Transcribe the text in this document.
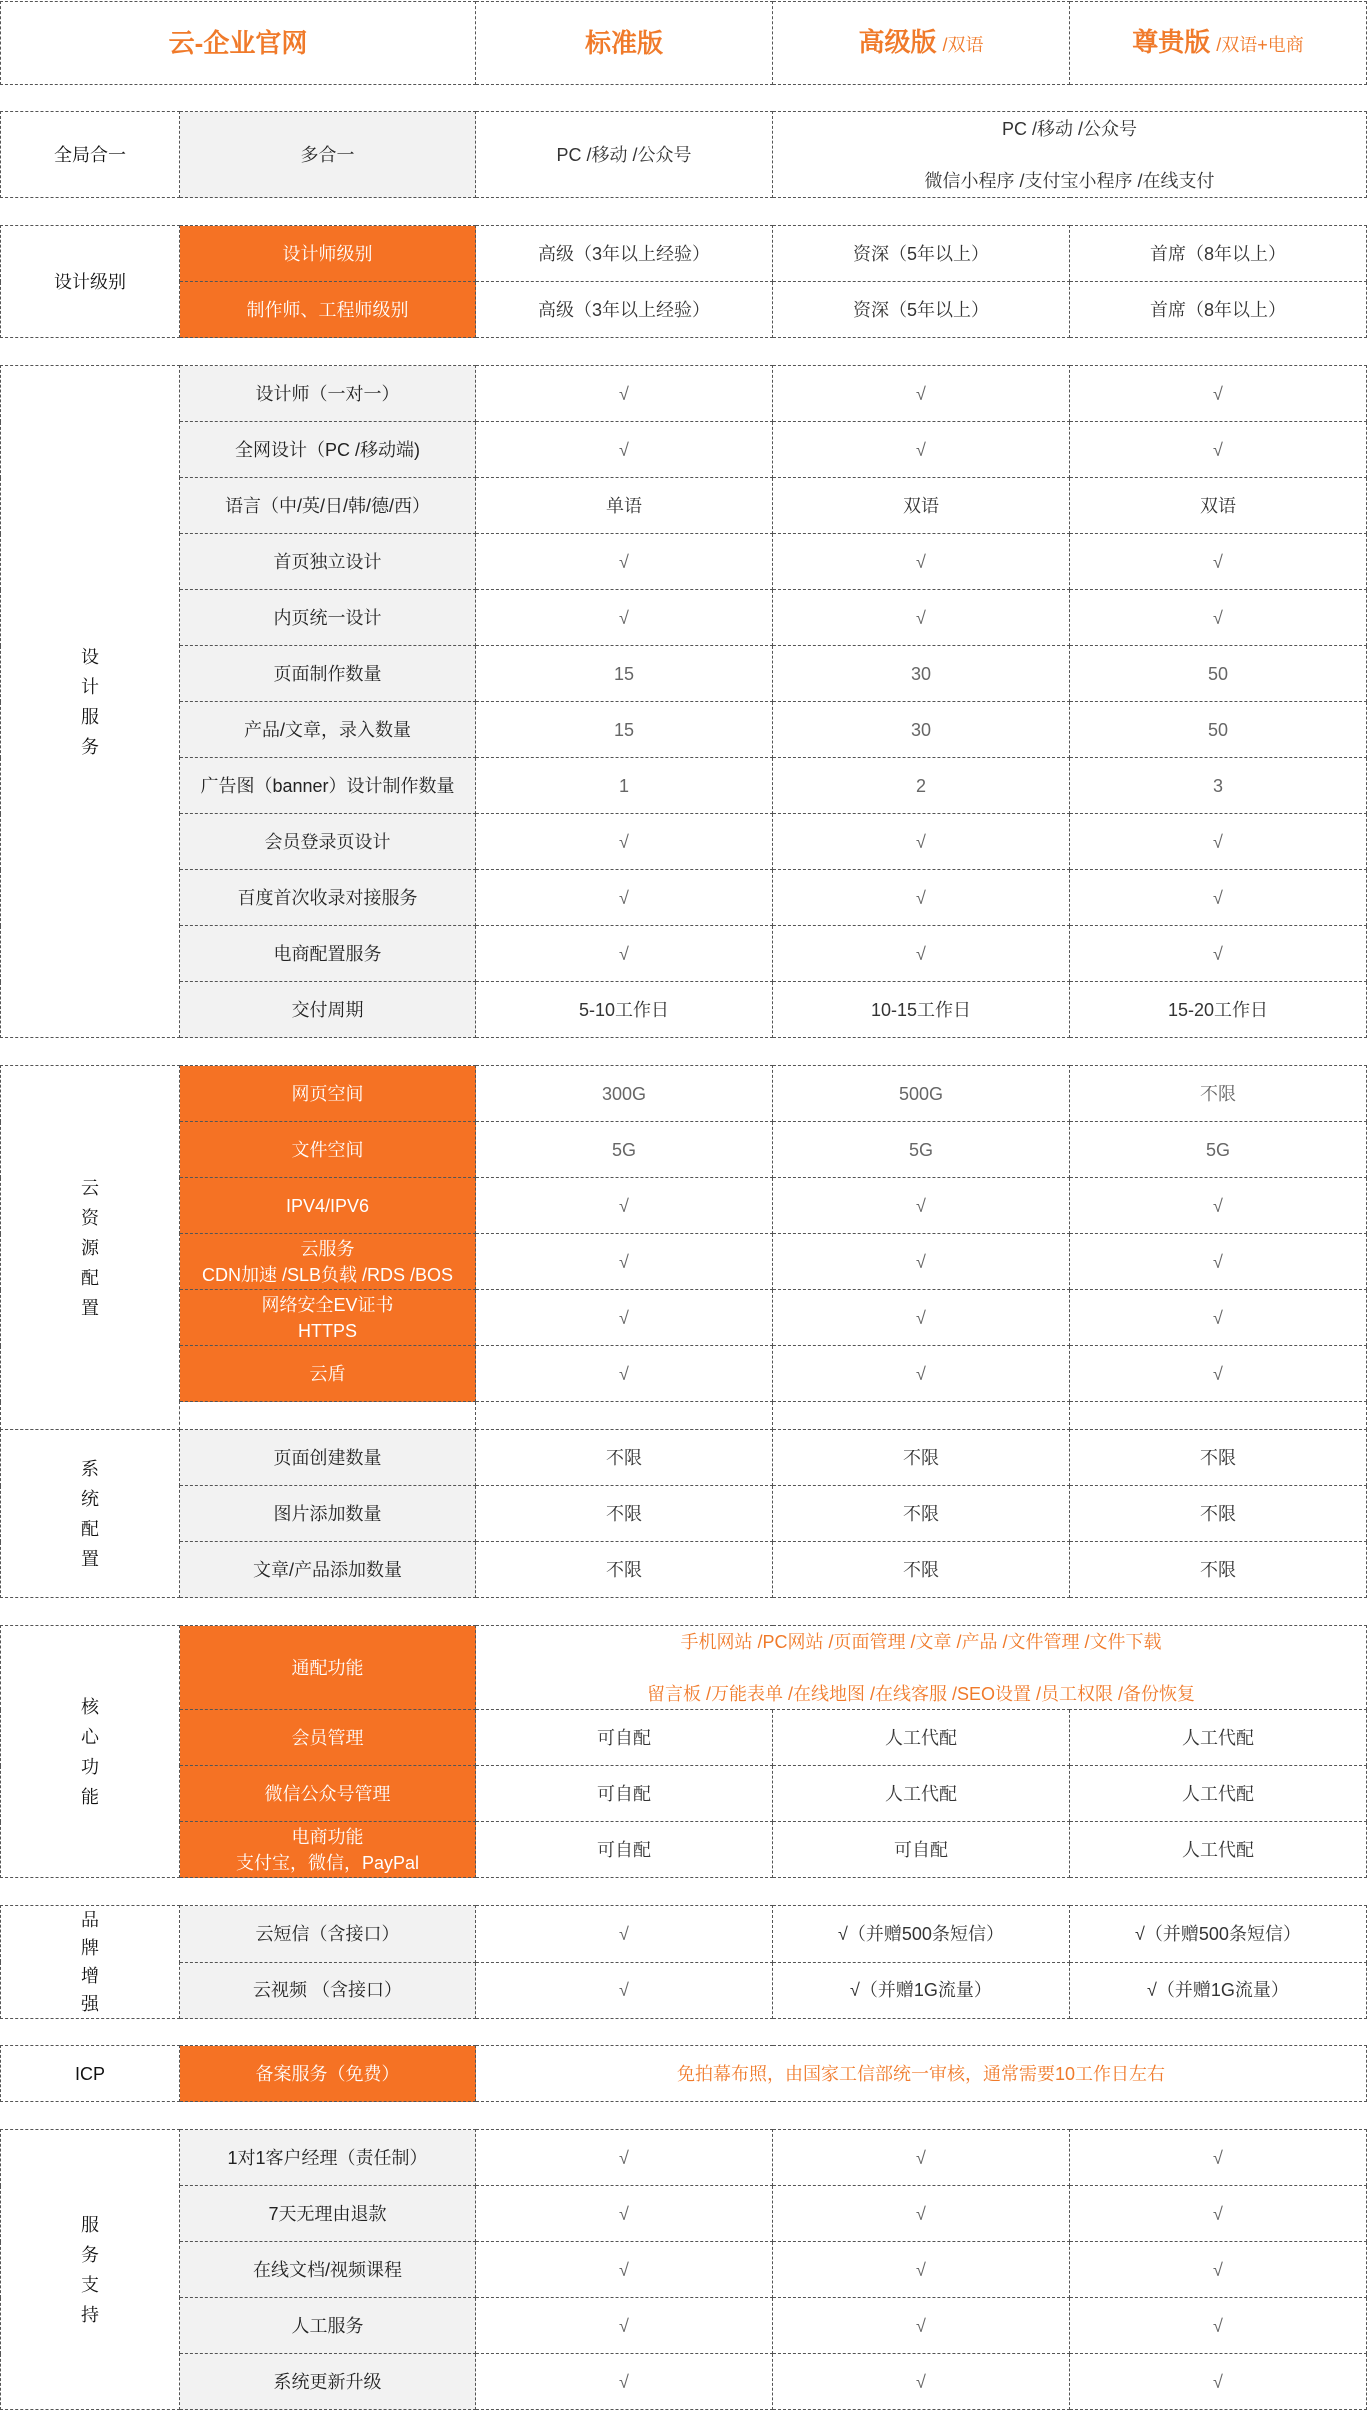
云-企业官网	标准版	高级版 /双语	尊贵版 /双语+电商
全局合一	多合一	PC /移动 /公众号	
PC /移动 /公众号
微信小程序 /支付宝小程序 /在线支付
设计级别	设计师级别	高级（3年以上经验）	资深（5年以上）	首席（8年以上）
	制作师、工程师级别	高级（3年以上经验）	资深（5年以上）	首席（8年以上）
设
计
服
务	设计师（一对一）	√	√	√
	全网设计（PC /移动端)	√	√	√
	语言（中/英/日/韩/德/西）	单语	双语	双语
	首页独立设计	√	√	√
	内页统一设计	√	√	√
	页面制作数量	15	30	50
	产品/文章，录入数量	15	30	50
	广告图（banner）设计制作数量	1	2	3
	会员登录页设计	√	√	√
	百度首次收录对接服务	√	√	√
	电商配置服务	√	√	√
	交付周期	5-10工作日	10-15工作日	15-20工作日
云
资
源
配
置	网页空间	300G	500G	不限
	文件空间	5G	5G	5G
	IPV4/IPV6	√	√	√

	云服务
CDN加速 /SLB负载 /RDS /BOS	√	√	√

	网络安全EV证书
HTTPS	√	√	√
	云盾	√	√	√

系
统
配
置	页面创建数量	不限	不限	不限
	图片添加数量	不限	不限	不限
	文章/产品添加数量	不限	不限	不限
核
心
功
能	通配功能	手机网站 /PC网站 /页面管理 /文章 /产品 /文件管理 /文件下载
留言板 /万能表单 /在线地图 /在线客服 /SEO设置 /员工权限 /备份恢复		

	会员管理	可自配	人工代配	人工代配
	微信公众号管理	可自配	人工代配	人工代配

	电商功能
支付宝，微信，PayPal	可自配	可自配	人工代配
品
牌
增
强	云短信（含接口）	√	√（并赠500条短信）	√（并赠500条短信）
	云视频 （含接口）	√	√（并赠1G流量）	√（并赠1G流量）
ICP	备案服务（免费）	免拍幕布照，由国家工信部统一审核，通常需要10工作日左右
服
务
支
持	1对1客户经理（责任制）	√	√	√
	7天无理由退款	√	√	√
	在线文档/视频课程	√	√	√
	人工服务	√	√	√
	系统更新升级	√	√	√
